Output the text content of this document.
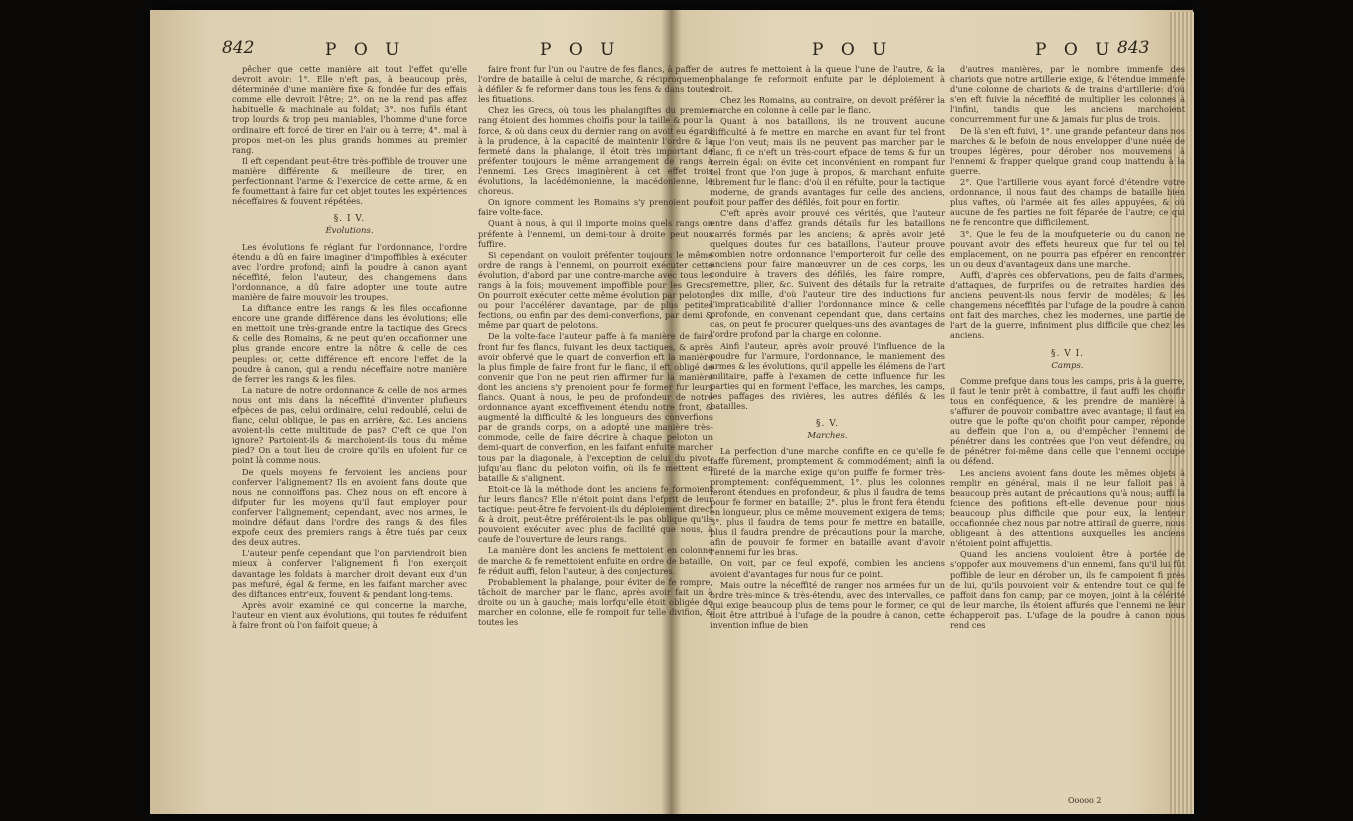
842	P O U	P O U

pêcher que cette manière ait tout l'effet qu'elle devroit avoir: 1°. Elle n'eft pas, à beaucoup près, déterminée d'une manière fixe & fondée fur des effais comme elle devroit l'être; 2°. on ne la rend pas affez habituelle & machinale au foldat; 3°. nos fufils étant trop lourds & trop peu maniables, l'homme d'une force ordinaire eft forcé de tirer en l'air ou à terre; 4°. mal à propos met-on les plus grands hommes au premier rang.

Il eft cependant peut-être très-poffible de trouver une manière différente & meilleure de tirer, en perfectionnant l'arme & l'exercice de cette arme, & en fe foumettant à faire fur cet objet toutes les expériences néceffaires & fouvent répétées.

§. I V.

Évolutions.

Les évolutions fe réglant fur l'ordonnance, l'ordre étendu a dû en faire imaginer d'impoffibles à exécuter avec l'ordre profond; ainfi la poudre à canon ayant néceffité, felon l'auteur, des changemens dans l'ordonnance, a dû faire adopter une toute autre manière de faire mouvoir les troupes.

La diftance entre les rangs & les files occafionne encore une grande différence dans les évolutions; elle en mettoit une très-grande entre la tactique des Grecs & celle des Romains, & ne peut qu'en occafionner une plus grande encore entre la nôtre & celle de ces peuples: or, cette différence eft encore l'effet de la poudre à canon, qui a rendu néceffaire notre manière de ferrer les rangs & les files.

La nature de notre ordonnance & celle de nos armes nous ont mis dans la néceffité d'inventer plufieurs efpèces de pas, celui ordinaire, celui redoublé, celui de flanc, celui oblique, le pas en arrière, &c. Les anciens avoient-ils cette multitude de pas? C'eft ce que l'on ignore? Partoient-ils & marchoient-ils tous du même pied? On a tout lieu de croire qu'ils en ufoient fur ce point là comme nous.

De quels moyens fe fervoient les anciens pour conferver l'alignement? Ils en avoient fans doute que nous ne connoiffons pas. Chez nous on eft encore à difputer fur les moyens qu'il faut employer pour conferver l'alignement; cependant, avec nos armes, le moindre défaut dans l'ordre des rangs & des files expofe ceux des premiers rangs à être tués par ceux des deux autres.

L'auteur penfe cependant que l'on parviendroit bien mieux à conferver l'alignement fi l'on exerçoit davantage les foldats à marcher droit devant eux d'un pas mefuré, égal & ferme, en les faifant marcher avec des diftances entr'eux, fouvent & pendant long-tems.

Après avoir examiné ce qui concerne la marche, l'auteur en vient aux évolutions, qui toutes fe réduifent à faire front où l'on faifoit queue; à

faire front fur l'un ou l'autre de fes flancs, à paffer de l'ordre de bataille à celui de marche, & réciproquement à défiler & fe reformer dans tous les fens & dans toutes les fituations.

Chez les Grecs, où tous les phalangiftes du premier rang étoient des hommes choifis pour la taille & pour la force, & où dans ceux du dernier rang on avoit eu égard à la prudence, à la capacité de maintenir l'ordre & la fermeté dans la phalange, il étoit très important de préfenter toujours le même arrangement de rangs à l'ennemi. Les Grecs imaginèrent à cet effet trois évolutions, la lacédémonienne, la macédonienne, le choreus.

On ignore comment les Romains s'y prenoient pour faire volte-face.

Quant à nous, à qui il importe moins quels rangs on préfente à l'ennemi, un demi-tour à droite peut nous fuffire.

Si cependant on vouloit préfenter toujours le même ordre de rangs à l'ennemi, on pourroit exécuter cette évolution, d'abord par une contre-marche avec tous les rangs à la fois; mouvement impoffible pour les Grecs. On pourroit exécuter cette même évolution par peloton, ou pour l'accélérer davantage, par de plus petites fections, ou enfin par des demi-converfions, par demi & même par quart de pelotons.

De la volte-face l'auteur paffe à fa manière de faire front fur fes flancs, fuivant les deux tactiques, & après avoir obfervé que le quart de converfion eft la manière la plus fimple de faire front fur le flanc, il eft obligé de convenir que l'on ne peut rien affirmer fur la manière dont les anciens s'y prenoient pour fe former fur leurs flancs. Quant à nous, le peu de profondeur de notre ordonnance ayant exceffivement étendu notre front, & augmenté la difficulté & les longueurs des converfions par de grands corps, on a adopté une manière très-commode, celle de faire décrire à chaque peloton un demi-quart de converfion, en les faifant enfuite marcher tous par la diagonale, à l'exception de celui du pivot, jufqu'au flanc du peloton voifin, où ils fe mettent en bataille & s'alignent.

Etoit-ce là la méthode dont les anciens fe formoient fur leurs flancs? Elle n'étoit point dans l'efprit de leur tactique: peut-être fe fervoient-ils du déploiement direct & à droit, peut-être préféroient-ils le pas oblique qu'ils pouvoient exécuter avec plus de facilité que nous, à caufe de l'ouverture de leurs rangs.

La manière dont les anciens fe mettoient en colonne de marche & fe remettoient enfuite en ordre de bataille, fe réduit auffi, felon l'auteur, à des conjectures.

Probablement la phalange, pour éviter de fe rompre, tâchoit de marcher par le flanc, après avoir fait un à droite ou un à gauche; mais lorfqu'elle étoit obligée de marcher en colonne, elle fe rompoit fur telle divifion, & toutes les

P O U	P O U 843

autres fe mettoient à la queue l'une de l'autre, & la phalange fe reformoit enfuite par le déploiement à droit.

Chez les Romains, au contraire, on devoit préférer la marche en colonne à celle par le flanc.

Quant à nos bataillons, ils ne trouvent aucune difficulté à fe mettre en marche en avant fur tel front que l'on veut; mais ils ne peuvent pas marcher par le flanc, fi ce n'eft un très-court efpace de tems & fur un terrein égal: on évite cet inconvénient en rompant fur tel front que l'on juge à propos, & marchant enfuite librement fur le flanc: d'où il en réfulte, pour la tactique moderne, de grands avantages fur celle des anciens, foit pour paffer des défilés, foit pour en fortir.

C'eft après avoir prouvé ces vérités, que l'auteur entre dans d'affez grands détails fur les bataillons carrés formés par les anciens; & après avoir jeté quelques doutes fur ces bataillons, l'auteur prouve combien notre ordonnance l'emporteroit fur celle des anciens pour faire manœuvrer un de ces corps, les conduire à travers des défilés, les faire rompre, remettre, plier, &c. Suivent des détails fur la retraite des dix mille, d'où l'auteur tire des inductions fur l'impraticabilité d'allier l'ordonnance mince & celle profonde, en convenant cependant que, dans certains cas, on peut fe procurer quelques-uns des avantages de l'ordre profond par la charge en colonne.

Ainfi l'auteur, après avoir prouvé l'influence de la poudre fur l'armure, l'ordonnance, le maniement des armes & les évolutions, qu'il appelle les élémens de l'art militaire, paffe à l'examen de cette influence fur les parties qui en forment l'efface, les marches, les camps, les paffages des rivières, les autres défilés & les batailles.

§. V.

Marches.

La perfection d'une marche confifte en ce qu'elle fe faffe fûrement, promptement & commodément; ainfi la fûreté de la marche exige qu'on puiffe fe former très-promptement: conféquemment, 1°. plus les colonnes feront étendues en profondeur, & plus il faudra de tems pour fe former en bataille; 2°. plus le front fera étendu en longueur, plus ce même mouvement exigera de tems; 3°. plus il faudra de tems pour fe mettre en bataille, plus il faudra prendre de précautions pour la marche, afin de pouvoir fe former en bataille avant d'avoir l'ennemi fur les bras.

On voit, par ce feul expofé, combien les anciens avoient d'avantages fur nous fur ce point.

Mais outre la néceffité de ranger nos armées fur un ordre très-mince & très-étendu, avec des intervalles, ce qui exige beaucoup plus de tems pour le former, ce qui doit être attribué à l'ufage de la poudre à canon, cette invention influe de bien

d'autres manières, par le nombre immenfe des chariots que notre artillerie exige, & l'étendue immenfe d'une colonne de chariots & de trains d'artillerie: d'où s'en eft fuivie la néceffité de multiplier les colonnes à l'infini, tandis que les anciens marchoient concurremment fur une & jamais fur plus de trois.

De là s'en eft fuivi, 1°. une grande pefanteur dans nos marches & le befoin de nous envelopper d'une nuée de troupes légères, pour dérober nos mouvemens à l'ennemi & frapper quelque grand coup inattendu à la guerre.

2°. Que l'artillerie vous ayant forcé d'étendre votre ordonnance, il nous faut des champs de bataille bien plus vaftes, où l'armée ait fes ailes appuyées, & où aucune de fes parties ne foit féparée de l'autre; ce qui ne fe rencontre que difficilement.

3°. Que le feu de la moufqueterie ou du canon ne pouvant avoir des effets heureux que fur tel ou tel emplacement, on ne pourra pas efpérer en rencontrer un ou deux d'avantageux dans une marche.

Auffi, d'après ces obfervations, peu de faits d'armes, d'attaques, de furprifes ou de retraites hardies des anciens peuvent-ils nous fervir de modèles; & les changemens néceffités par l'ufage de la poudre à canon ont fait des marches, chez les modernes, une partie de l'art de la guerre, infiniment plus difficile que chez les anciens.

§. V I.

Camps.

Comme prefque dans tous les camps, pris à la guerre, il faut le tenir prêt à combattre, il faut auffi les choifir tous en conféquence, & les prendre de manière à s'affurer de pouvoir combattre avec avantage; il faut en outre que le pofte qu'on choifit pour camper, réponde au deffein que l'on a, ou d'empêcher l'ennemi de pénétrer dans les contrées que l'on veut défendre, ou de pénétrer foi-même dans celle que l'ennemi occupe ou défend.

Les anciens avoient fans doute les mêmes objets à remplir en général, mais il ne leur falloit pas à beaucoup près autant de précautions qu'à nous; auffi la fcience des pofitions eft-elle devenue pour nous beaucoup plus difficile que pour eux, la lenteur occafionnée chez nous par notre attirail de guerre, nous obligeant à des attentions auxquelles les anciens n'étoient point affujettis.

Quand les anciens vouloient être à portée de s'oppofer aux mouvemens d'un ennemi, fans qu'il lui fût poffible de leur en dérober un, ils fe campoient fi près de lui, qu'ils pouvoient voir & entendre tout ce qui fe paffoit dans fon camp; par ce moyen, joint à la célérité de leur marche, ils étoient affurés que l'ennemi ne leur échapperoit pas. L'ufage de la poudre à canon nous rend ces

Ooooo 2
